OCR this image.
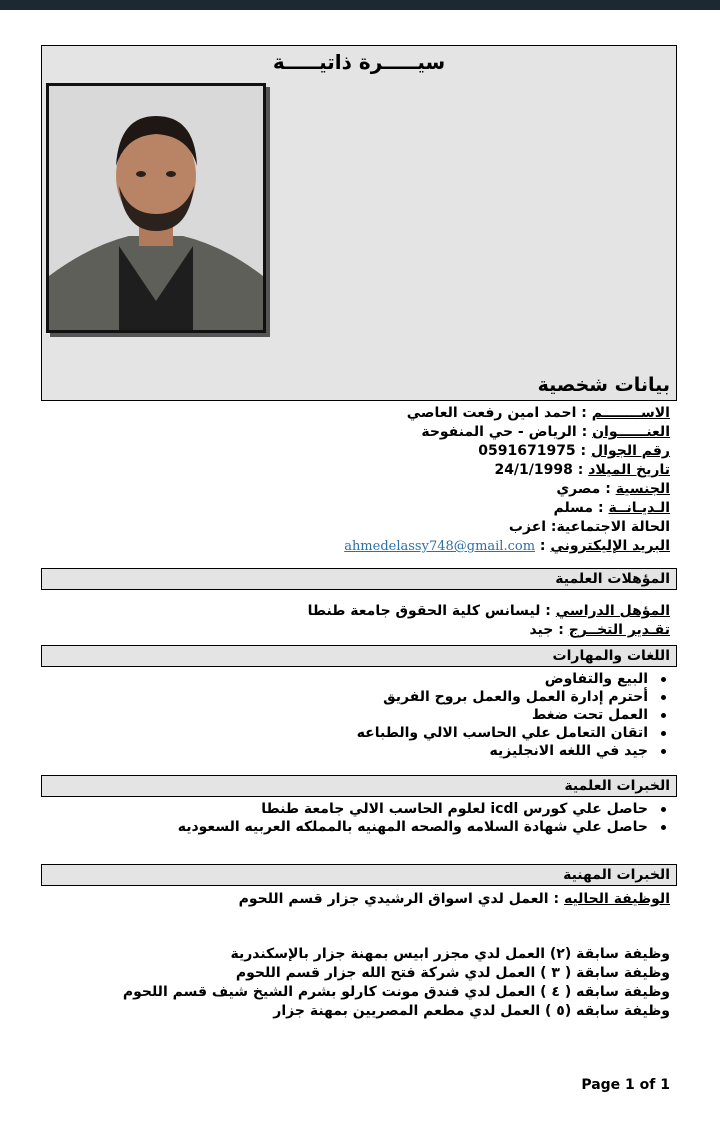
سيـــــرة ذاتيـــــة
بيانات شخصية
الاســــــــم : احمد امين رفعت العاصي
العنــــــوان : الرياض - حي المنفوحة
رقم الجوال : 0591671975
تاريخ الميلاد : 24/1/1998
الجنسية : مصري
الـديـانــة : مسلم
الحالة الاجتماعية: اعزب
البريد الإليكتروني : ahmedelassy748@gmail.com
المؤهلات العلمية
المؤهل الدراسي : ليسانس كلية الحقوق جامعة طنطا
تقـدير التخــرج : جيد
اللغات والمهارات
البيع والتفاوض
أحترم إدارة العمل والعمل بروح الفريق
العمل تحت ضغط
اتقان التعامل علي الحاسب الالي والطباعه
جيد في اللغه الانجليزيه
الخبرات العلمية
حاصل علي كورس icdl لعلوم الحاسب الالي جامعة طنطا
حاصل علي شهادة السلامه والصحه المهنيه بالمملكه العربيه السعوديه
الخبرات المهنية
الوظيفة الحاليه : العمل لدي اسواق الرشيدي جزار قسم اللحوم
وظيفة سابقة (٢) العمل لدي مجزر ابيس بمهنة جزار بالإسكندرية
وظيفة سابقة ( ٣ ) العمل لدي شركة فتح الله جزار قسم اللحوم
وظيفة سابقه ( ٤ ) العمل لدي فندق مونت كارلو بشرم الشيخ شيف قسم اللحوم
وظيفة سابقه (٥ ) العمل لدي مطعم المصريين بمهنة جزار
Page 1 of 1
